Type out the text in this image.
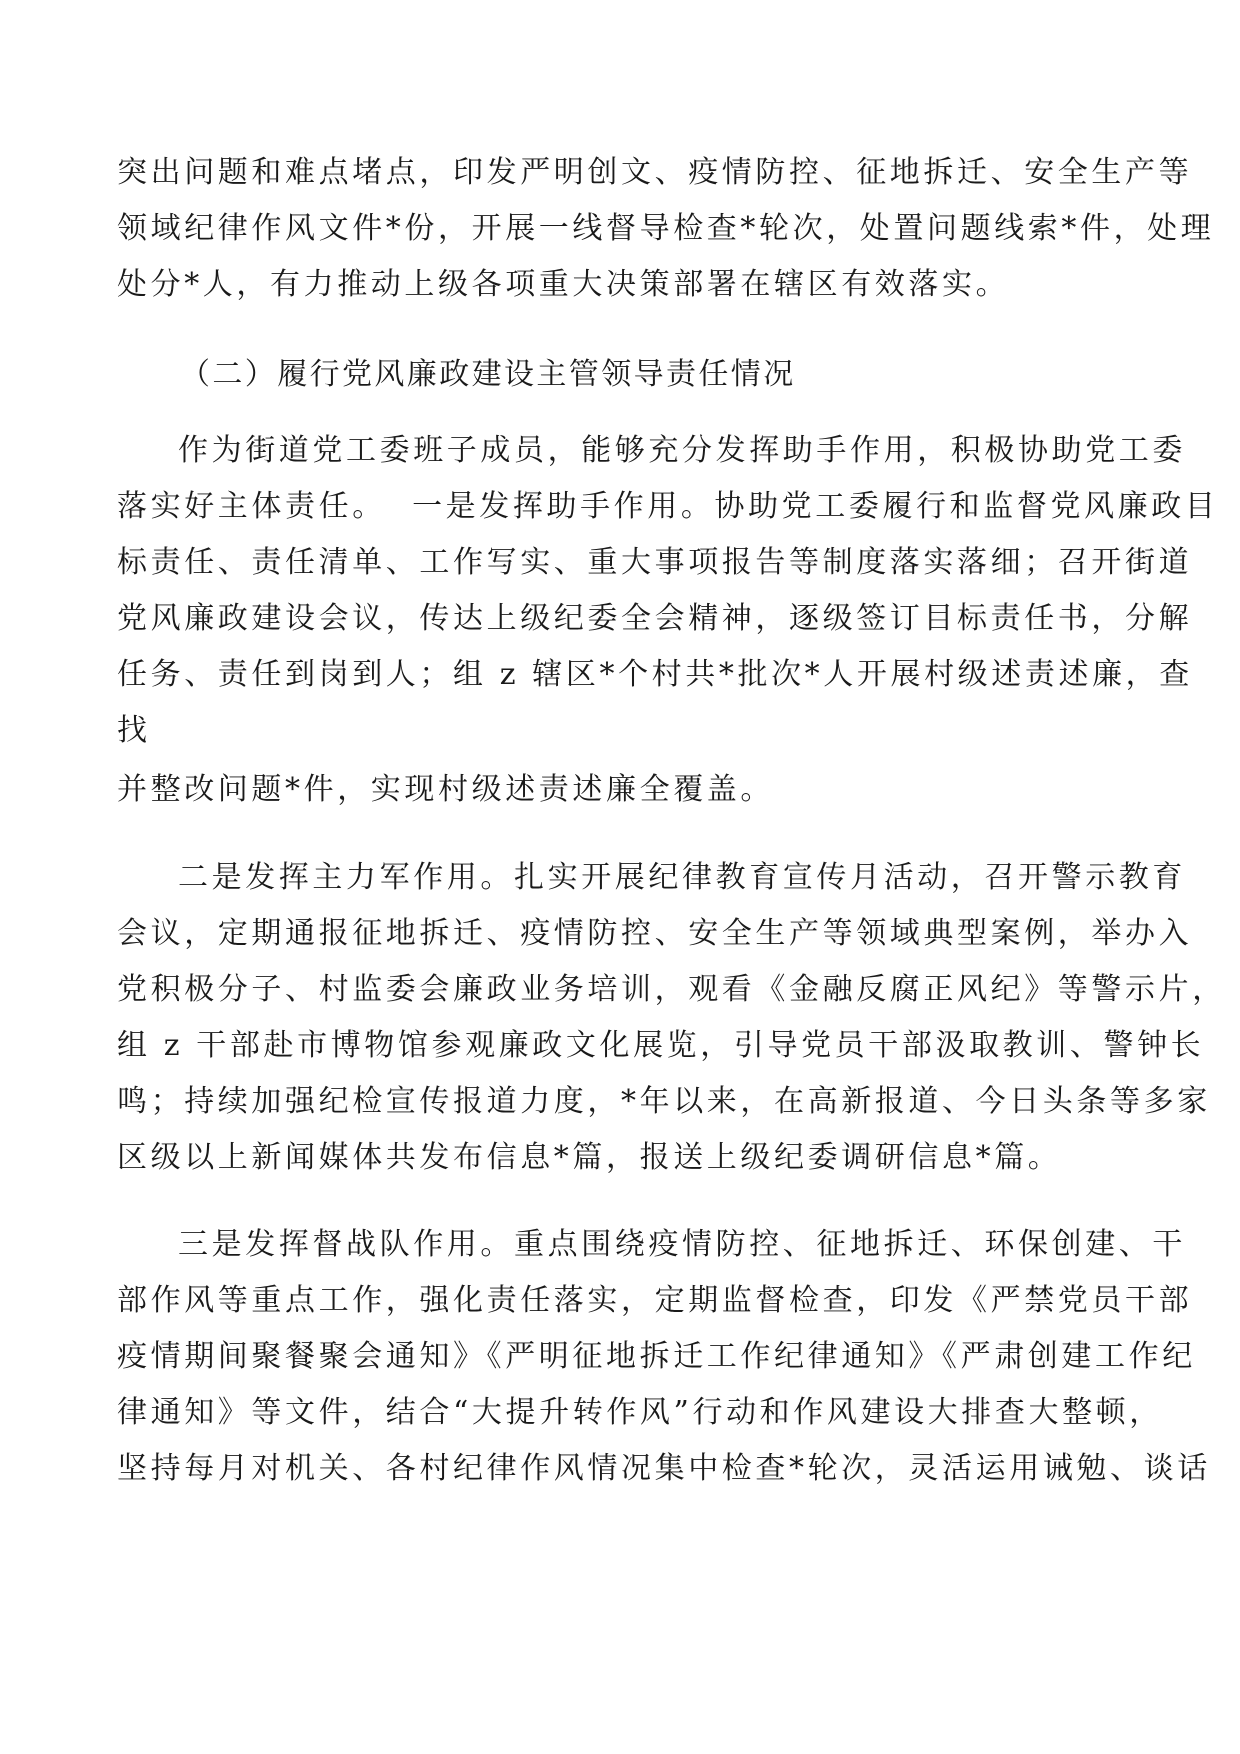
突出问题和难点堵点，印发严明创文、疫情防控、征地拆迁、安全生产等
领域纪律作风文件*份，开展一线督导检查*轮次，处置问题线索*件，处理
处分*人，有力推动上级各项重大决策部署在辖区有效落实。
（二）履行党风廉政建设主管领导责任情况
作为街道党工委班子成员，能够充分发挥助手作用，积极协助党工委
落实好主体责任。  一是发挥助手作用。协助党工委履行和监督党风廉政目
标责任、责任清单、工作写实、重大事项报告等制度落实落细；召开街道
党风廉政建设会议，传达上级纪委全会精神，逐级签订目标责任书，分解
任务、责任到岗到人；组 z 辖区*个村共*批次*人开展村级述责述廉，查
找
并整改问题*件，实现村级述责述廉全覆盖。
二是发挥主力军作用。扎实开展纪律教育宣传月活动，召开警示教育
会议，定期通报征地拆迁、疫情防控、安全生产等领域典型案例，举办入
党积极分子、村监委会廉政业务培训，观看《金融反腐正风纪》等警示片，
组 z 干部赴市博物馆参观廉政文化展览，引导党员干部汲取教训、警钟长
鸣；持续加强纪检宣传报道力度，*年以来，在高新报道、今日头条等多家
区级以上新闻媒体共发布信息*篇，报送上级纪委调研信息*篇。
三是发挥督战队作用。重点围绕疫情防控、征地拆迁、环保创建、干
部作风等重点工作，强化责任落实，定期监督检查，印发《严禁党员干部
疫情期间聚餐聚会通知》《严明征地拆迁工作纪律通知》《严肃创建工作纪
律通知》等文件，结合“大提升转作风”行动和作风建设大排查大整顿，
坚持每月对机关、各村纪律作风情况集中检查*轮次，灵活运用诫勉、谈话
